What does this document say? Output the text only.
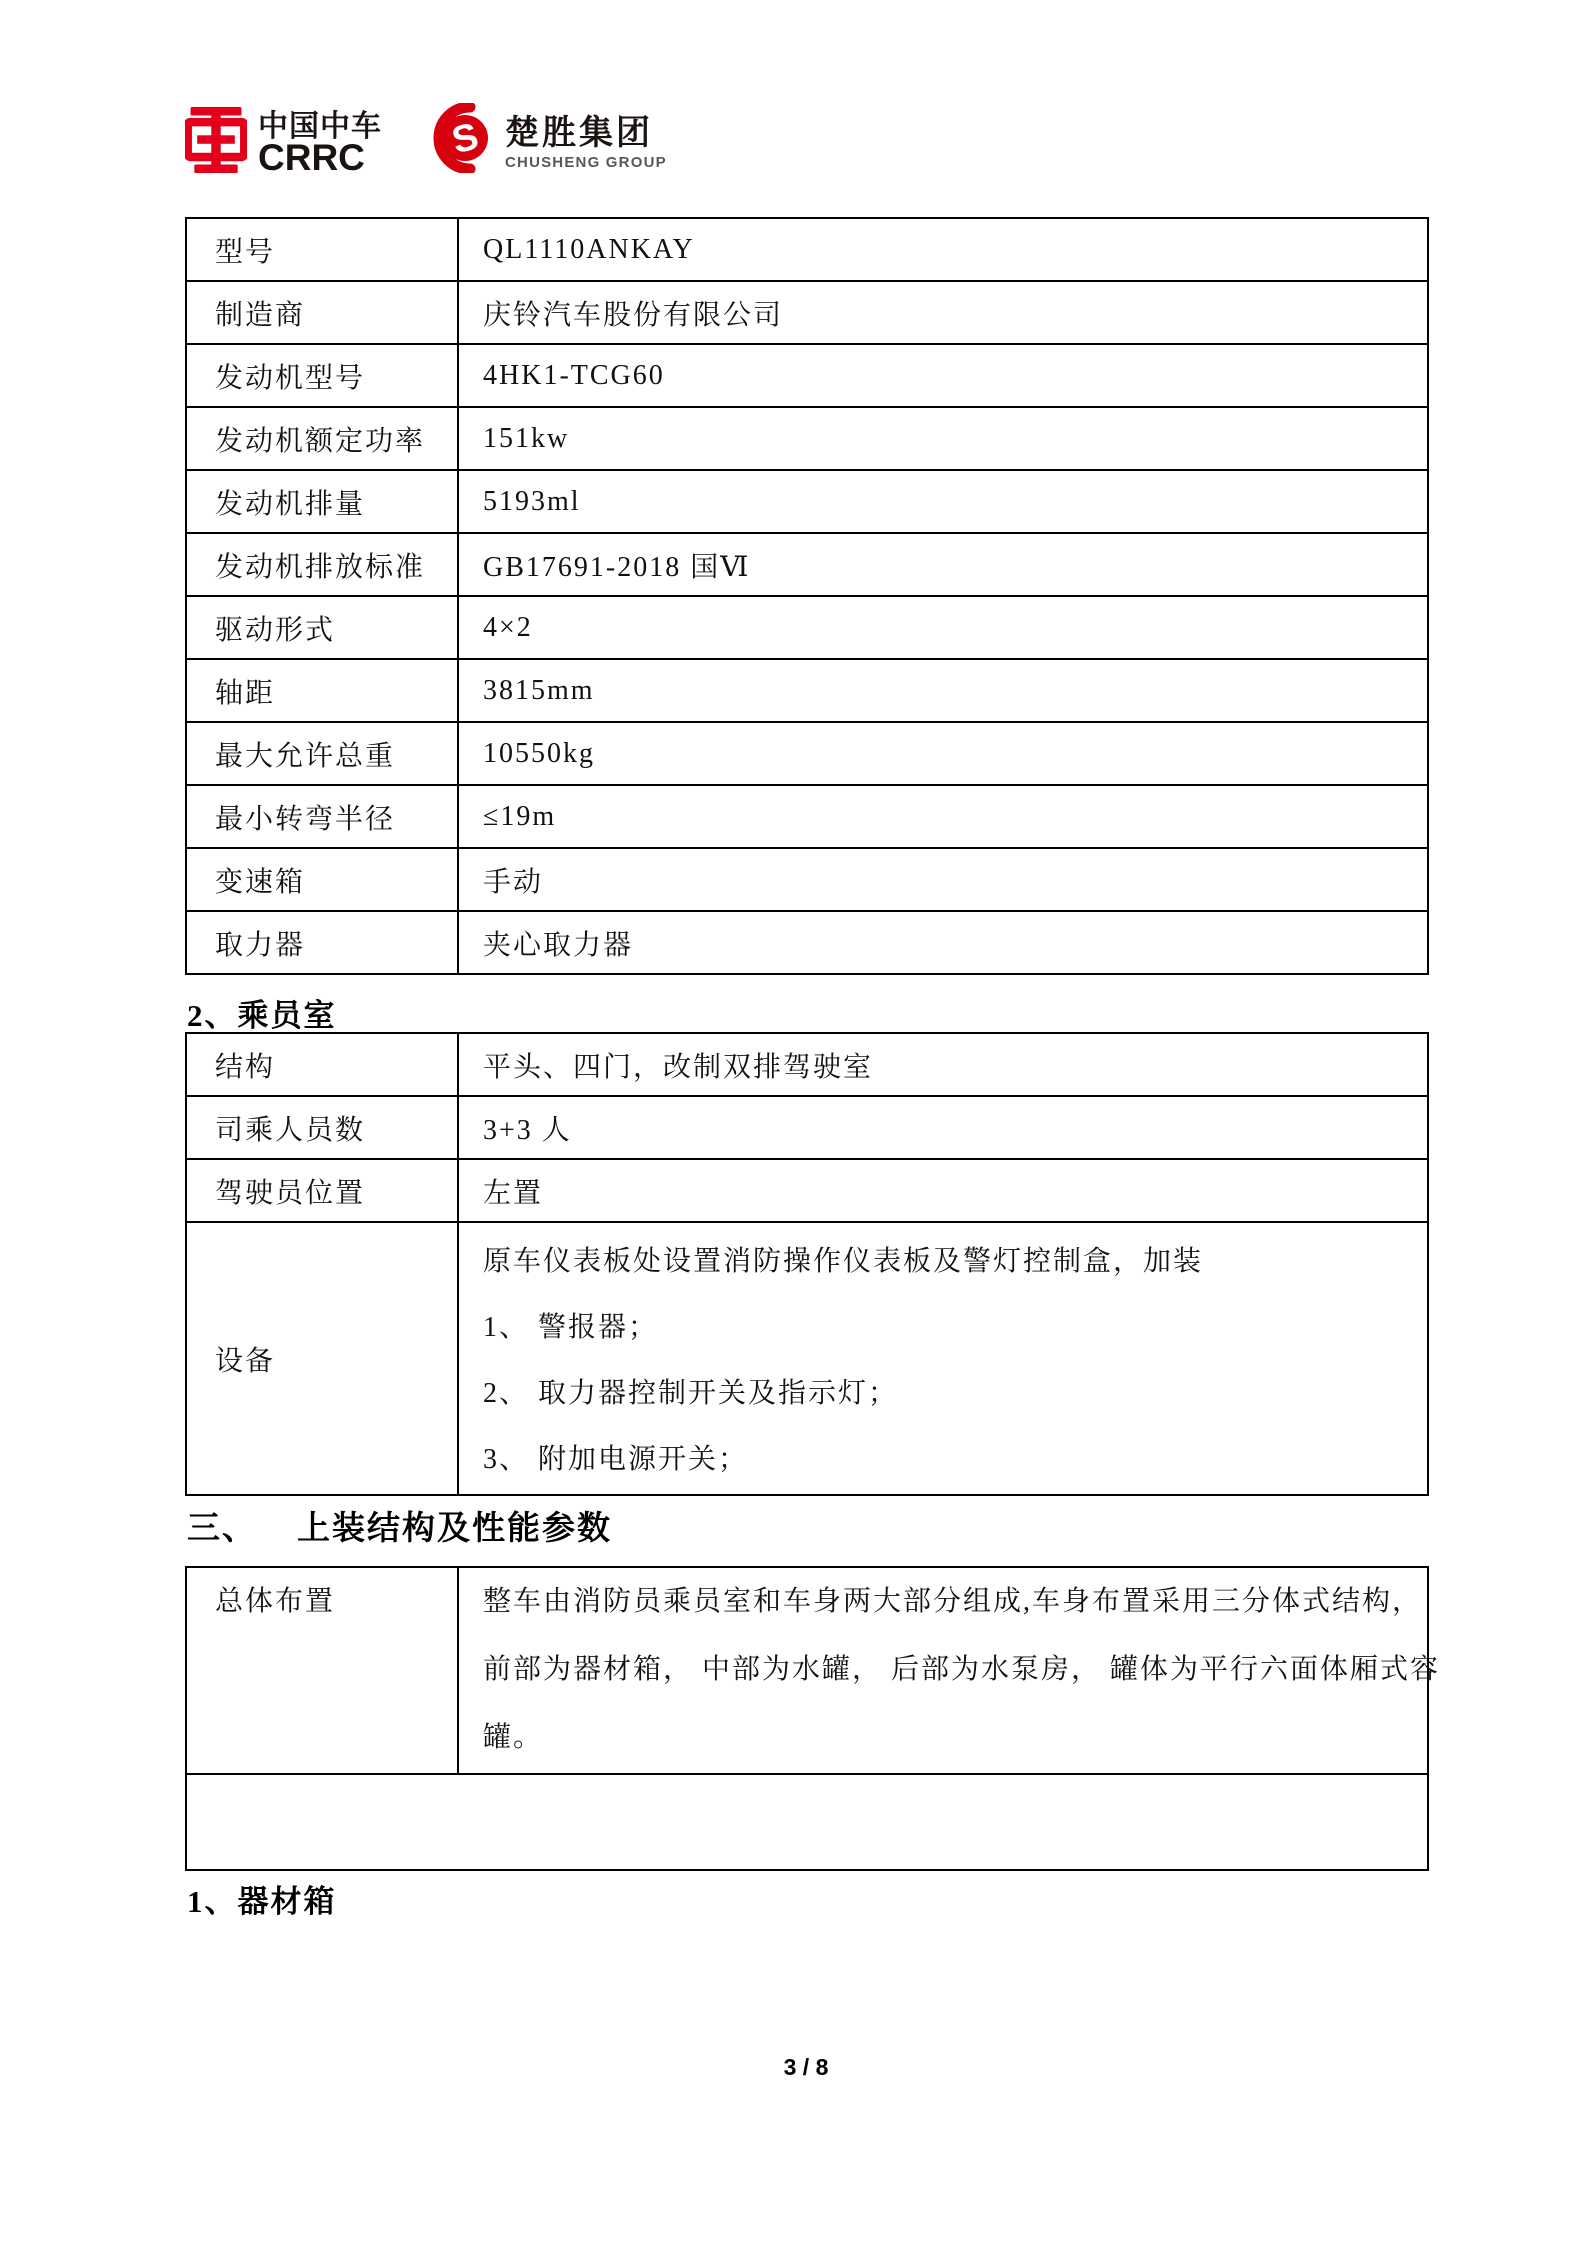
中国中车
CRRC	S 楚胜集团
CHUSHENG GROUP
型号	QL1110ANKAY
制造商	庆铃汽车股份有限公司
发动机型号	4HK1-TCG60
发动机额定功率	151kw
发动机排量	5193ml
发动机排放标准	GB17691-2018 国Ⅵ
驱动形式	4×2
轴距	3815mm
最大允许总重	10550kg
最小转弯半径	≤19m
变速箱	手动
取力器	夹心取力器
2、乘员室
结构	平头、四门，改制双排驾驶室
司乘人员数	3+3 人
驾驶员位置	左置
设备	原车仪表板处设置消防操作仪表板及警灯控制盒，加装
1、 警报器；
2、 取力器控制开关及指示灯；
3、 附加电源开关；
三、 上装结构及性能参数
总体布置	整车由消防员乘员室和车身两大部分组成,车身布置采用三分体式结构，
前部为器材箱， 中部为水罐， 后部为水泵房， 罐体为平行六面体厢式容
罐。

1、器材箱
3 / 8
